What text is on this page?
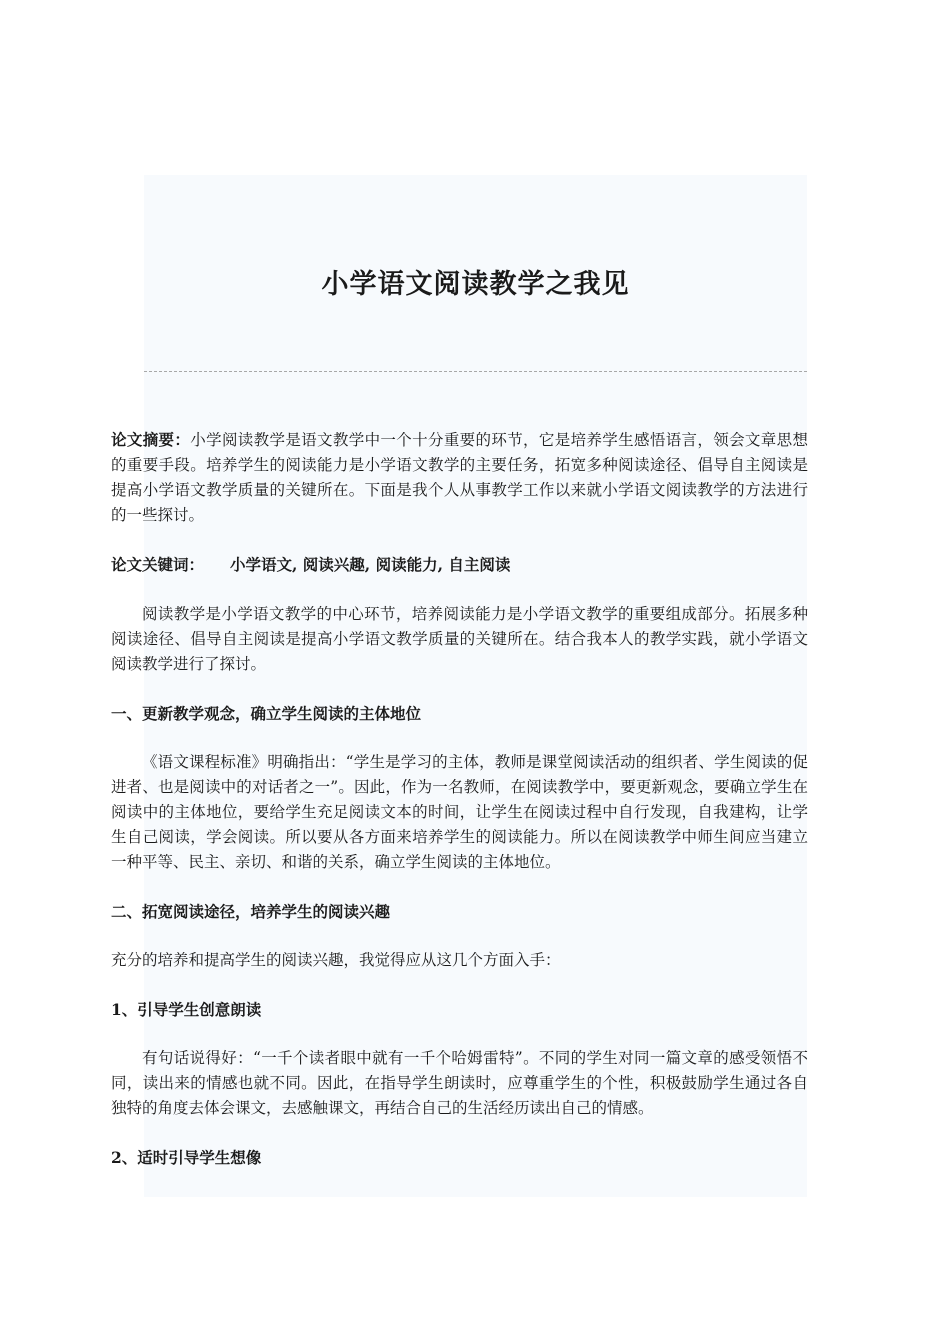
小学语文阅读教学之我见

论文摘要：小学阅读教学是语文教学中一个十分重要的环节，它是培养学生感悟语言，领会文章思想的重要手段。培养学生的阅读能力是小学语文教学的主要任务，拓宽多种阅读途径、倡导自主阅读是提高小学语文教学质量的关键所在。下面是我个人从事教学工作以来就小学语文阅读教学的方法进行的一些探讨。

论文关键词： 小学语文, 阅读兴趣, 阅读能力, 自主阅读

阅读教学是小学语文教学的中心环节，培养阅读能力是小学语文教学的重要组成部分。拓展多种阅读途径、倡导自主阅读是提高小学语文教学质量的关键所在。结合我本人的教学实践，就小学语文阅读教学进行了探讨。

一、更新教学观念，确立学生阅读的主体地位

《语文课程标准》明确指出：“学生是学习的主体，教师是课堂阅读活动的组织者、学生阅读的促进者、也是阅读中的对话者之一”。因此，作为一名教师，在阅读教学中，要更新观念，要确立学生在阅读中的主体地位，要给学生充足阅读文本的时间，让学生在阅读过程中自行发现，自我建构，让学生自己阅读，学会阅读。所以要从各方面来培养学生的阅读能力。所以在阅读教学中师生间应当建立一种平等、民主、亲切、和谐的关系，确立学生阅读的主体地位。

二、拓宽阅读途径，培养学生的阅读兴趣

充分的培养和提高学生的阅读兴趣，我觉得应从这几个方面入手：

1、引导学生创意朗读

有句话说得好：“一千个读者眼中就有一千个哈姆雷特”。不同的学生对同一篇文章的感受领悟不同，读出来的情感也就不同。因此，在指导学生朗读时，应尊重学生的个性，积极鼓励学生通过各自独特的角度去体会课文，去感触课文，再结合自己的生活经历读出自己的情感。

2、适时引导学生想像
